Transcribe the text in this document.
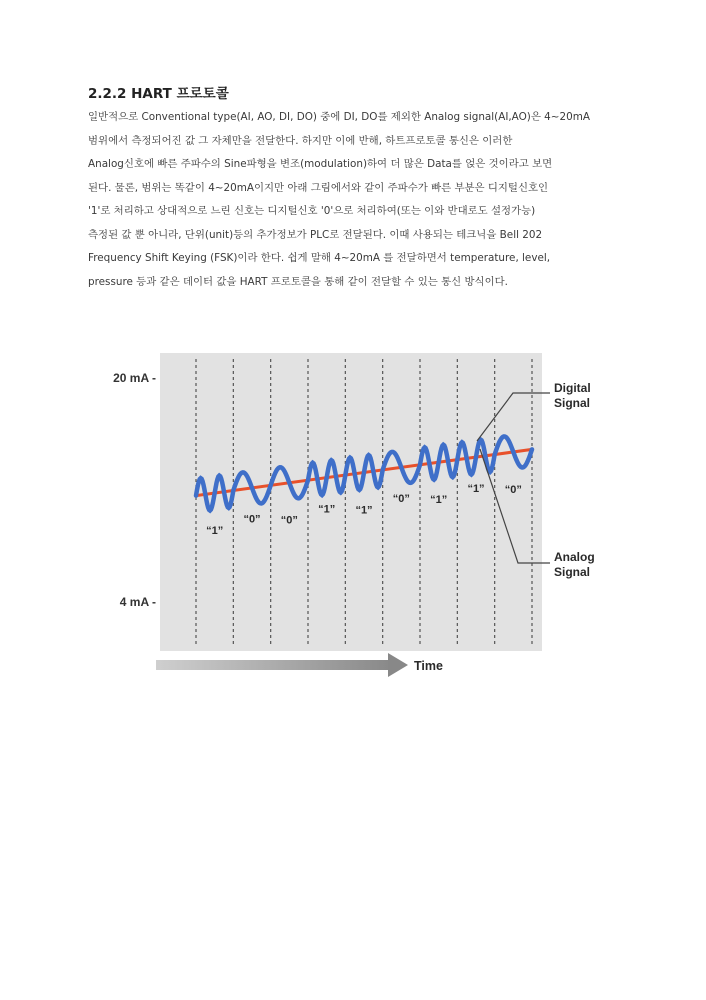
2.2.2 HART 프로토콜
일반적으로 Conventional type(AI, AO, DI, DO) 중에 DI, DO를 제외한 Analog signal(AI,AO)은 4~20mA
범위에서 측정되어진 값 그 자체만을 전달한다. 하지만 이에 반해, 하트프로토콜 통신은 이러한
Analog신호에 빠른 주파수의 Sine파형을 변조(modulation)하여 더 많은 Data를 얹은 것이라고 보면
된다. 물론, 범위는 똑같이 4~20mA이지만 아래 그림에서와 같이 주파수가 빠른 부분은 디지털신호인
'1'로 처리하고 상대적으로 느린 신호는 디지털신호 '0'으로 처리하여(또는 이와 반대로도 설정가능)
측정된 값 뿐 아니라, 단위(unit)등의 추가정보가 PLC로 전달된다. 이때 사용되는 테크닉을 Bell 202
Frequency Shift Keying (FSK)이라 한다. 쉽게 말해 4~20mA 를 전달하면서 temperature, level,
pressure 등과 같은 데이터 값을 HART 프로토콜을 통해 같이 전달할 수 있는 통신 방식이다.
20 mA -
4 mA -
“1”
“0” “0”
“1” “1”
“0” “1”
“1” “0”
Digital
Signal
Analog
Signal
Time
